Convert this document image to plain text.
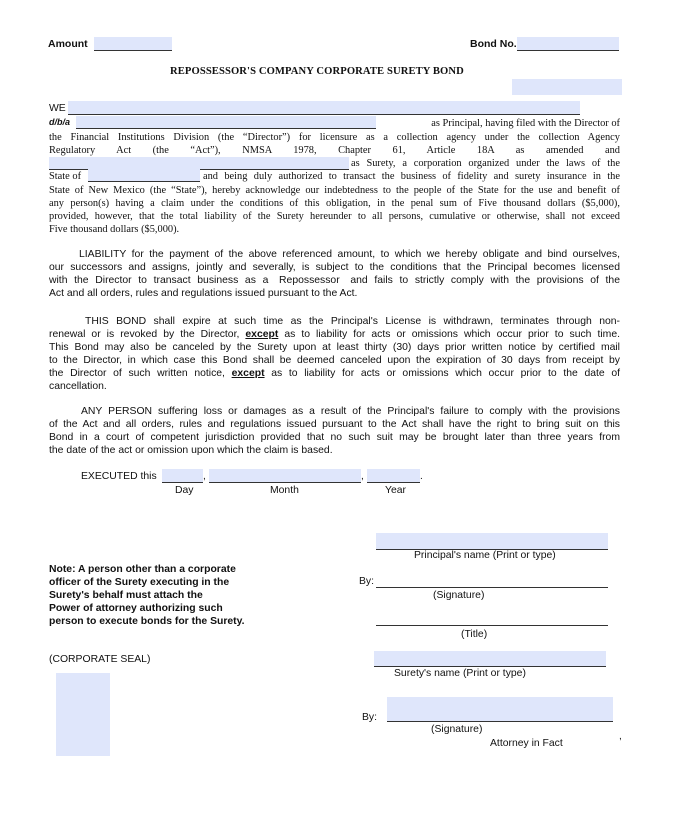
Amount	Bond No.
REPOSSESSOR'S COMPANY CORPORATE SURETY BOND
WE
d/b/a	as Principal, having filed with the Director of
the Financial Institutions Division (the “Director”) for licensure as a collection agency under the collection Agency
Regulatory Act (the “Act”), NMSA 1978, Chapter 61, Article 18A as amended and
as Surety, a corporation organized under the laws of the
State of	and being duly authorized to transact the business of fidelity and surety insurance in the
State of New Mexico (the “State”), hereby acknowledge our indebtedness to the people of the State for the use and benefit of
any person(s) having a claim under the conditions of this obligation, in the penal sum of Five thousand dollars ($5,000),
provided, however, that the total liability of the Surety hereunder to all persons, cumulative or otherwise, shall not exceed
Five thousand dollars ($5,000).
LIABILITY for the payment of the above referenced amount, to which we hereby obligate and bind ourselves,
our successors and assigns, jointly and severally, is subject to the conditions that the Principal becomes licensed
with the Director to transact business as a Repossessor and fails to strictly comply with the provisions of the
Act and all orders, rules and regulations issued pursuant to the Act.
THIS BOND shall expire at such time as the Principal's License is withdrawn, terminates through non-
renewal or is revoked by the Director, except as to liability for acts or omissions which occur prior to such time.
This Bond may also be canceled by the Surety upon at least thirty (30) days prior written notice by certified mail
to the Director, in which case this Bond shall be deemed canceled upon the expiration of 30 days from receipt by
the Director of such written notice, except as to liability for acts or omissions which occur prior to the date of
cancellation.
ANY PERSON suffering loss or damages as a result of the Principal's failure to comply with the provisions
of the Act and all orders, rules and regulations issued pursuant to the Act shall have the right to bring suit on this
Bond in a court of competent jurisdiction provided that no such suit may be brought later than three years from
the date of the act or omission upon which the claim is based.
EXECUTED this	,	,	.
Day	Month	Year
Principal's name (Print or type)
Note: A person other than a corporate
officer of the Surety executing in the
Surety's behalf must attach the
Power of attorney authorizing such
person to execute bonds for the Surety.
By:
(Signature)
(Title)
(CORPORATE SEAL)
Surety's name (Print or type)
By:
(Signature)
,
Attorney in Fact
